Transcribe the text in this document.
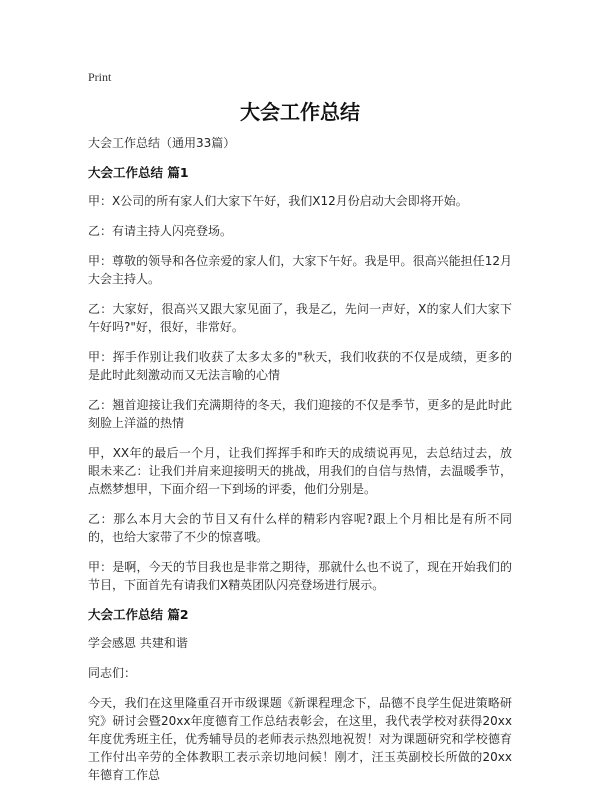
Print
大会工作总结

大会工作总结（通用33篇）

大会工作总结 篇1

甲：X公司的所有家人们大家下午好，我们X12月份启动大会即将开始。

乙：有请主持人闪亮登场。

甲：尊敬的领导和各位亲爱的家人们，大家下午好。我是甲。很高兴能担任12月大会主持人。

乙：大家好，很高兴又跟大家见面了，我是乙，先问一声好，X的家人们大家下午好吗?"好，很好，非常好。

甲：挥手作别让我们收获了太多太多的"秋天，我们收获的不仅是成绩，更多的是此时此刻激动而又无法言喻的心情

乙：翘首迎接让我们充满期待的冬天，我们迎接的不仅是季节，更多的是此时此刻脸上洋溢的热情

甲，XX年的最后一个月，让我们挥挥手和昨天的成绩说再见，去总结过去，放眼未来乙：让我们并肩来迎接明天的挑战，用我们的自信与热情，去温暖季节，点燃梦想甲，下面介绍一下到场的评委，他们分别是。

乙：那么本月大会的节目又有什么样的精彩内容呢?跟上个月相比是有所不同的，也给大家带了不少的惊喜哦。

甲：是啊，今天的节目我也是非常之期待，那就什么也不说了，现在开始我们的节目，下面首先有请我们X精英团队闪亮登场进行展示。

大会工作总结 篇2

学会感恩 共建和谐

同志们：

今天，我们在这里隆重召开市级课题《新课程理念下，品德不良学生促进策略研究》研讨会暨20xx年度德育工作总结表彰会，在这里，我代表学校对获得20xx年度优秀班主任，优秀辅导员的老师表示热烈地祝贺！对为课题研究和学校德育工作付出辛劳的全体教职工表示亲切地问候！刚才，汪玉英副校长所做的20xx年德育工作总
